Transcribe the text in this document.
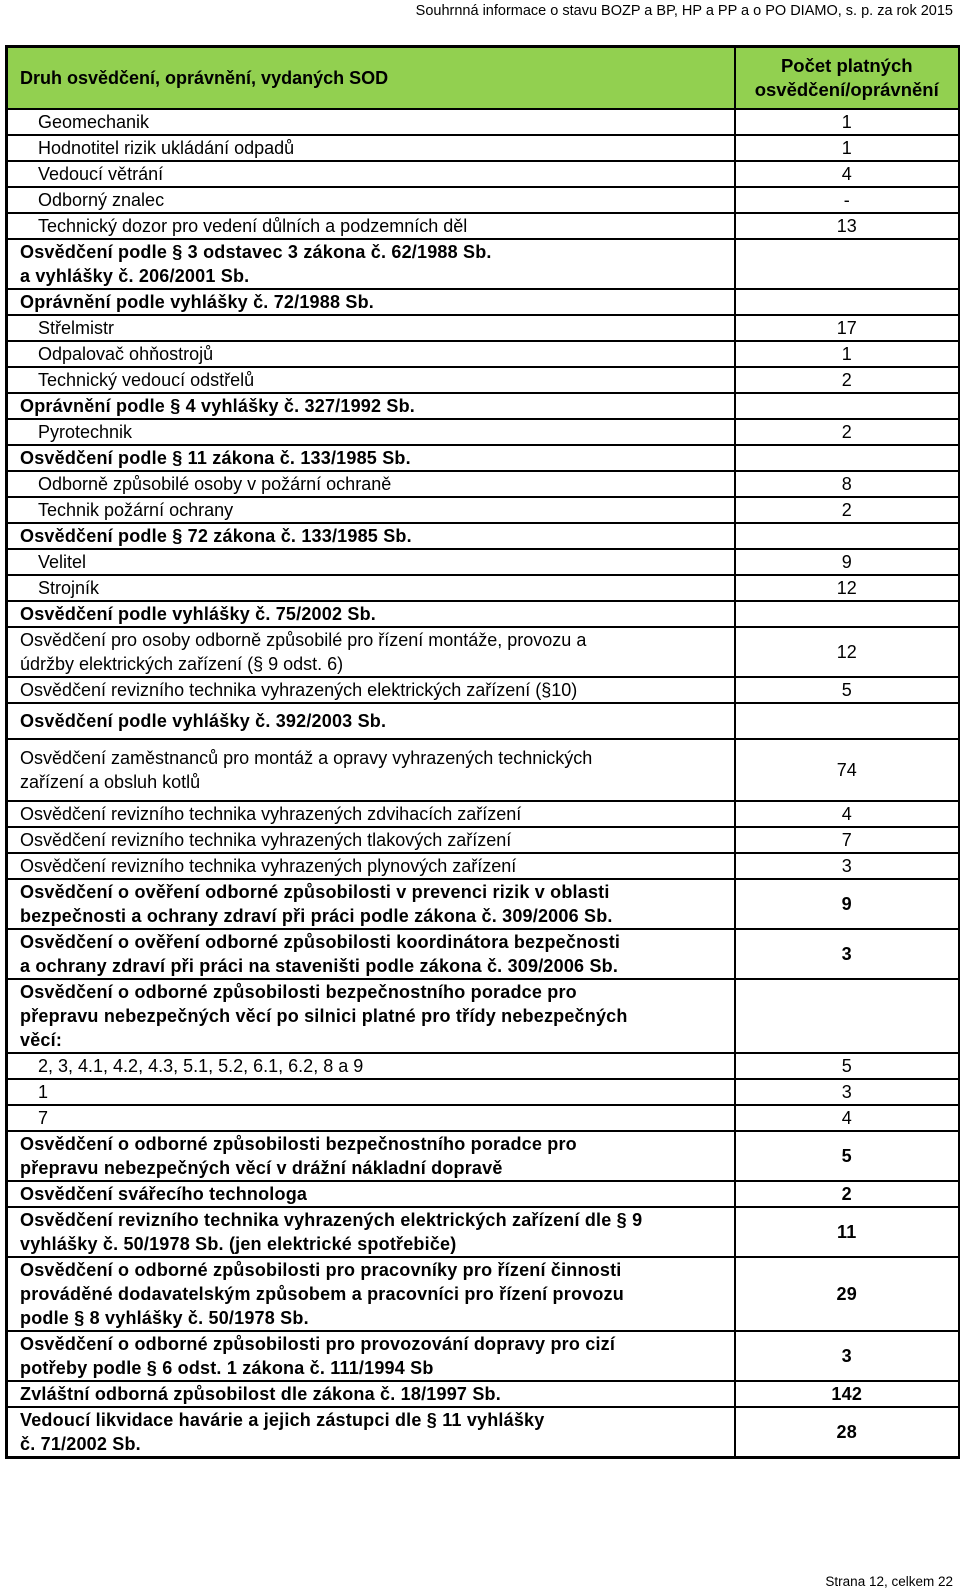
Souhrnná informace o stavu BOZP a BP, HP a PP a o PO DIAMO, s. p. za rok 2015
Druh osvědčení, oprávnění, vydaných SOD	Počet platných
osvědčení/oprávnění

Geomechanik	1

Hodnotitel rizik ukládání odpadů	1

Vedoucí větrání	4

Odborný znalec	-

Technický dozor pro vedení důlních a podzemních děl	13

Osvědčení podle § 3 odstavec 3 zákona č. 62/1988 Sb.
a vyhlášky č. 206/2001 Sb.	

Oprávnění podle vyhlášky č. 72/1988 Sb.	

Střelmistr	17

Odpalovač ohňostrojů	1

Technický vedoucí odstřelů	2

Oprávnění podle § 4 vyhlášky č. 327/1992 Sb.	

Pyrotechnik	2

Osvědčení podle § 11 zákona č. 133/1985 Sb.	

Odborně způsobilé osoby v požární ochraně	8

Technik požární ochrany	2

Osvědčení podle § 72 zákona č. 133/1985 Sb.	

Velitel	9

Strojník	12

Osvědčení podle vyhlášky č. 75/2002 Sb.	

Osvědčení pro osoby odborně způsobilé pro řízení montáže, provozu a
údržby elektrických zařízení (§ 9 odst. 6)	12

Osvědčení revizního technika vyhrazených elektrických zařízení (§10)	5

Osvědčení podle vyhlášky č. 392/2003 Sb.	

Osvědčení zaměstnanců pro montáž a opravy vyhrazených technických
zařízení a obsluh kotlů	74

Osvědčení revizního technika vyhrazených zdvihacích zařízení	4

Osvědčení revizního technika vyhrazených tlakových zařízení	7

Osvědčení revizního technika vyhrazených plynových zařízení	3

Osvědčení o ověření odborné způsobilosti v prevenci rizik v oblasti
bezpečnosti a ochrany zdraví při práci podle zákona č. 309/2006 Sb.	9

Osvědčení o ověření odborné způsobilosti koordinátora bezpečnosti
a ochrany zdraví při práci na staveništi podle zákona č. 309/2006 Sb.	3

Osvědčení o odborné způsobilosti bezpečnostního poradce pro
přepravu nebezpečných věcí po silnici platné pro třídy nebezpečných
věcí:	

2, 3, 4.1, 4.2, 4.3, 5.1, 5.2, 6.1, 6.2, 8 a 9	5

1	3

7	4

Osvědčení o odborné způsobilosti bezpečnostního poradce pro
přepravu nebezpečných věcí v drážní nákladní dopravě	5

Osvědčení svářecího technologa	2

Osvědčení revizního technika vyhrazených elektrických zařízení dle § 9
vyhlášky č. 50/1978 Sb. (jen elektrické spotřebiče)	11

Osvědčení o odborné způsobilosti pro pracovníky pro řízení činnosti
prováděné dodavatelským způsobem a pracovníci pro řízení provozu
podle § 8 vyhlášky č. 50/1978 Sb.	29

Osvědčení o odborné způsobilosti pro provozování dopravy pro cizí
potřeby podle § 6 odst. 1 zákona č. 111/1994 Sb	3

Zvláštní odborná způsobilost dle zákona č. 18/1997 Sb.	142

Vedoucí likvidace havárie a jejich zástupci dle § 11 vyhlášky
č. 71/2002 Sb.	28
Strana 12, celkem 22
